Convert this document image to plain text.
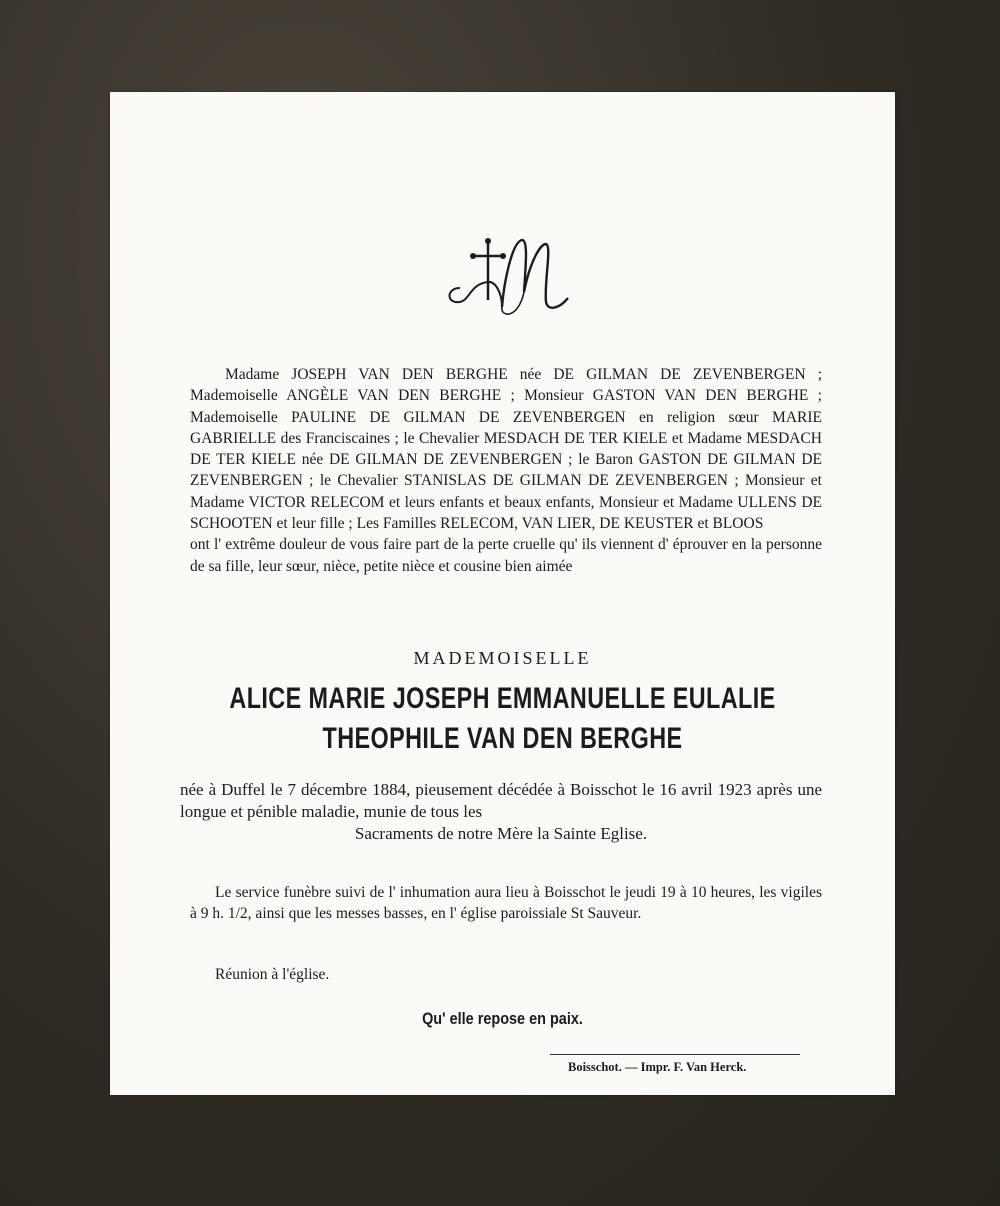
Madame JOSEPH VAN DEN BERGHE née DE GILMAN DE ZEVENBERGEN ; Mademoiselle ANGÈLE VAN DEN BERGHE ; Monsieur GASTON VAN DEN BERGHE ; Mademoiselle PAULINE DE GILMAN DE ZEVENBERGEN en religion sœur MARIE GABRIELLE des Franciscaines ; le Chevalier MESDACH DE TER KIELE et Madame MESDACH DE TER KIELE née DE GILMAN DE ZEVENBERGEN ; le Baron GASTON DE GILMAN DE ZEVENBERGEN ; le Chevalier STANISLAS DE GILMAN DE ZEVENBERGEN ; Monsieur et Madame VICTOR RELECOM et leurs enfants et beaux enfants, Monsieur et Madame ULLENS DE SCHOOTEN et leur fille ; Les Familles RELECOM, VAN LIER, DE KEUSTER et BLOOS
ont l' extrême douleur de vous faire part de la perte cruelle qu' ils viennent d' éprouver en la personne de sa fille, leur sœur, nièce, petite nièce et cousine bien aimée
MADEMOISELLE
ALICE MARIE JOSEPH EMMANUELLE EULALIE
THEOPHILE VAN DEN BERGHE
née à Duffel le 7 décembre 1884, pieusement décédée à Boisschot le 16 avril 1923 après une longue et pénible maladie, munie de tous les
Sacraments de notre Mère la Sainte Eglise.
Le service funèbre suivi de l' inhumation aura lieu à Boisschot le jeudi 19 à 10 heures, les vigiles à 9 h. 1/2, ainsi que les messes basses, en l' église paroissiale St Sauveur.
Réunion à l'église.
Qu' elle repose en paix.
Boisschot. — Impr. F. Van Herck.
